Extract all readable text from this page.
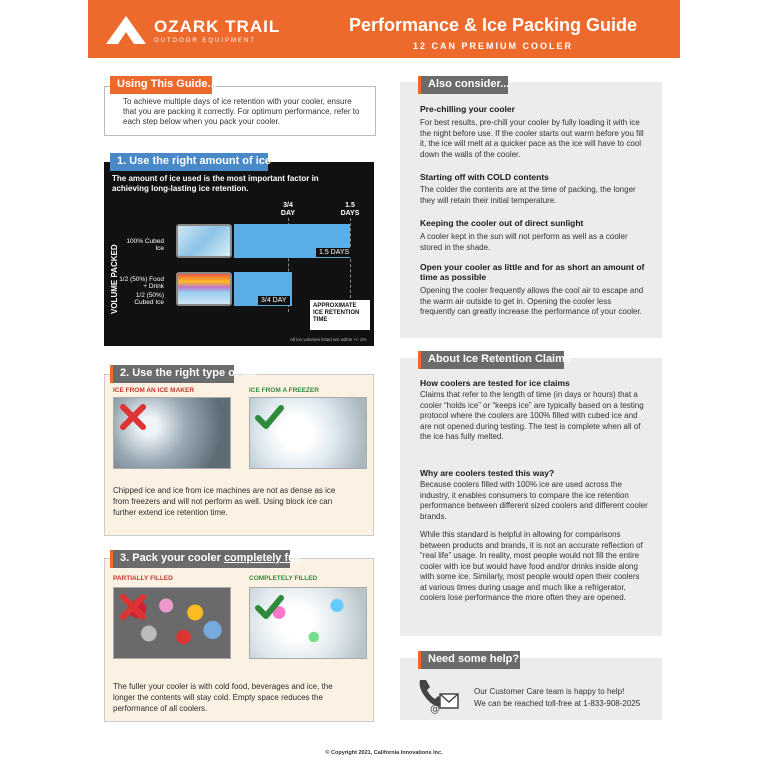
OZARK TRAIL
OUTDOOR EQUIPMENT
Performance & Ice Packing Guide
12 CAN PREMIUM COOLER
To achieve multiple days of ice retention with your cooler, ensure that you are packing it correctly. For optimum performance, refer to each step below when you pack your cooler.
Using This Guide...
The amount of ice used is the most important factor in achieving long-lasting ice retention.
3/4
DAY
1.5
DAYS
VOLUME PACKED
100% Cubed Ice
1/2 (50%) Food + Drink
1/2 (50%) Cubed Ice
1.5 DAYS
3/4 DAY
APPROXIMATE ICE RETENTION TIME
All ice volumes listed are within +/- 2%
1. Use the right amount of ice
ICE FROM AN ICE MAKER	ICE FROM A FREEZER
Chipped ice and ice from ice machines are not as dense as ice from freezers and will not perform as well. Using block ice can further extend ice retention time.
2. Use the right type of ice
PARTIALLY FILLED	COMPLETELY FILLED
The fuller your cooler is with cold food, beverages and ice, the longer the contents will stay cold. Empty space reduces the performance of all coolers.
3. Pack your cooler completely full
Pre-chilling your cooler
For best results, pre-chill your cooler by fully loading it with ice the night before use. If the cooler starts out warm before you fill it, the ice will melt at a quicker pace as the ice will have to cool down the walls of the cooler.
Starting off with COLD contents
The colder the contents are at the time of packing, the longer they will retain their initial temperature.
Keeping the cooler out of direct sunlight
A cooler kept in the sun will not perform as well as a cooler stored in the shade.
Open your cooler as little and for as short an amount of time as possible
Opening the cooler frequently allows the cool air to escape and the warm air outside to get in. Opening the cooler less frequently can greatly increase the performance of your cooler.
Also consider...
How coolers are tested for ice claims
Claims that refer to the length of time (in days or hours) that a cooler “holds ice” or “keeps ice” are typically based on a testing protocol where the coolers are 100% filled with cubed ice and are not opened during testing. The test is complete when all of the ice has fully melted.
Why are coolers tested this way?
Because coolers filled with 100% ice are used across the industry, it enables consumers to compare the ice retention performance between different sized coolers and different cooler brands.
While this standard is helpful in allowing for comparisons between products and brands, it is not an accurate reflection of “real life” usage. In reality, most people would not fill the entire cooler with ice but would have food and/or drinks inside along with some ice. Similarly, most people would open their coolers at various times during usage and much like a refrigerator, coolers lose performance the more often they are opened.
About Ice Retention Claims
@
Our Customer Care team is happy to help!
We can be reached toll-free at 1-833-908-2025
Need some help?
© Copyright 2021, California Innovations Inc.
